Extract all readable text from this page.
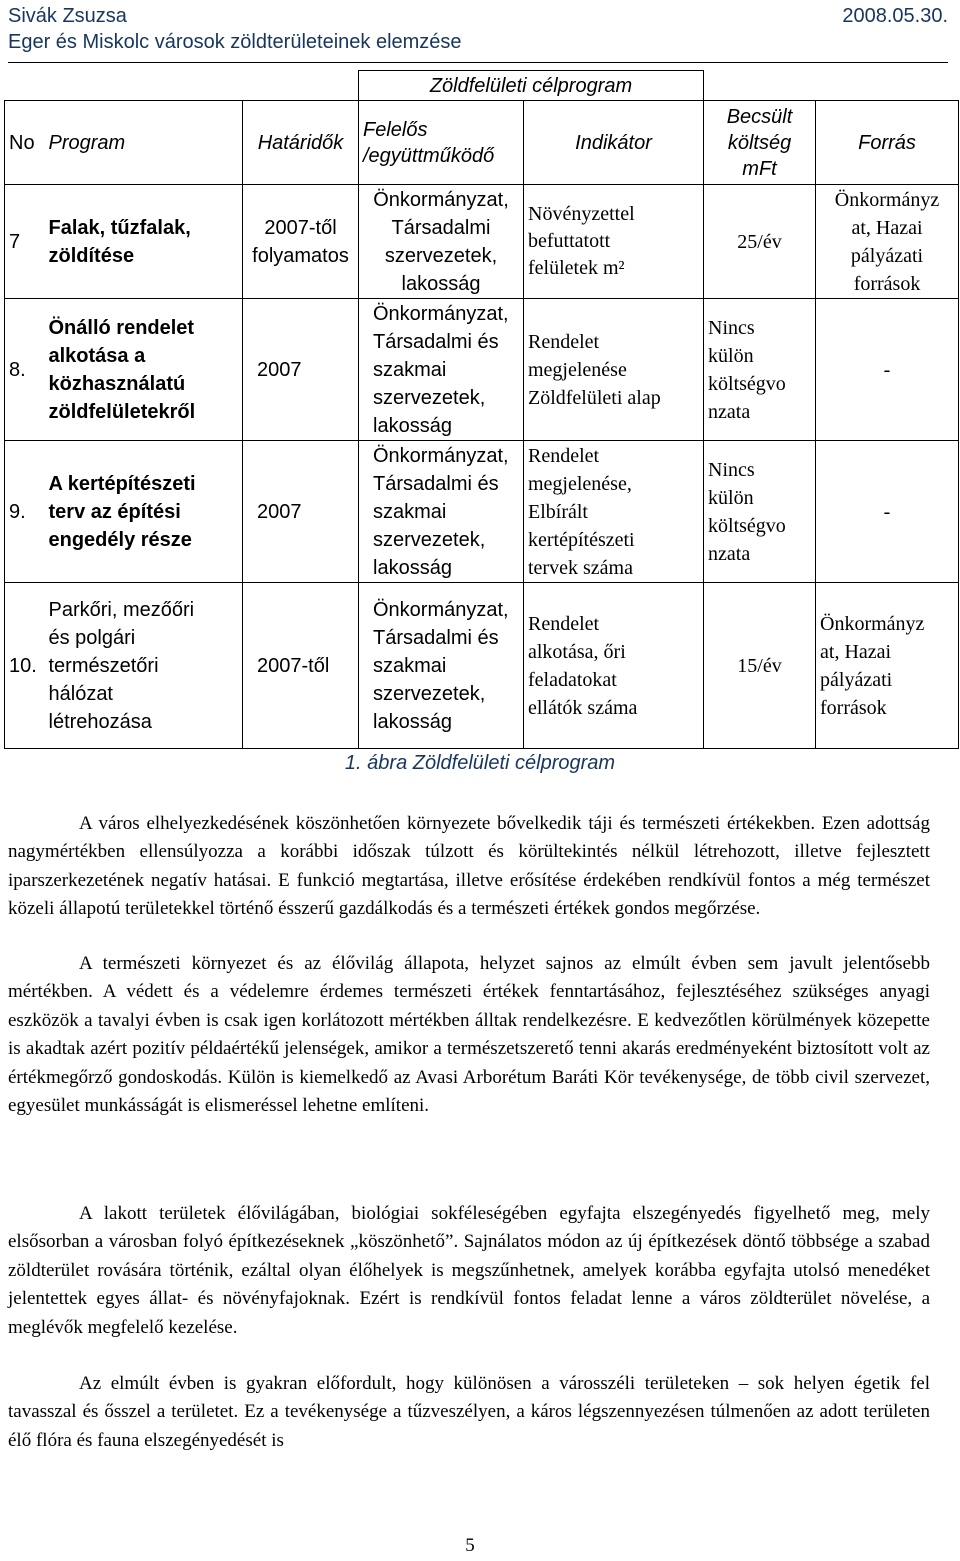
Sivák Zsuzsa	2008.05.30.
Eger és Miskolc városok zöldterületeinek elemzése
			Zöldfelületi célprogram			
No	Program	Határidők	Felelős
/együttműködő	Indikátor	Becsült
költség
mFt	Forrás
7	Falak, tűzfalak,
zöldítése	2007-től
folyamatos	Önkormányzat,
Társadalmi
szervezetek,
lakosság	Növényzettel
befuttatott
felületek m²	25/év	Önkormányz
at, Hazai
pályázati
források
8.	Önálló rendelet
alkotása a
közhasználatú
zöldfelületekről	2007	Önkormányzat,
Társadalmi és
szakmai
szervezetek,
lakosság	Rendelet
megjelenése
Zöldfelületi alap	Nincs
külön
költségvo
nzata	-
9.	A kertépítészeti
terv az építési
engedély része	2007	Önkormányzat,
Társadalmi és
szakmai
szervezetek,
lakosság	Rendelet
megjelenése,
Elbírált
kertépítészeti
tervek száma	Nincs
külön
költségvo
nzata	-
10.	Parkőri, mezőőri
és polgári
természetőri
hálózat
létrehozása	2007-től	Önkormányzat,
Társadalmi és
szakmai
szervezetek,
lakosság	Rendelet
alkotása, őri
feladatokat
ellátók száma	15/év	Önkormányz
at, Hazai
pályázati
források
1. ábra Zöldfelületi célprogram

A város elhelyezkedésének köszönhetően környezete bővelkedik táji és természeti értékekben. Ezen adottság nagymértékben ellensúlyozza a korábbi időszak túlzott és körültekintés nélkül létrehozott, illetve fejlesztett iparszerkezetének negatív hatásai. E funkció megtartása, illetve erősítése érdekében rendkívül fontos a még természet közeli állapotú területekkel történő ésszerű gazdálkodás és a természeti értékek gondos megőrzése.

A természeti környezet és az élővilág állapota, helyzet sajnos az elmúlt évben sem javult jelentősebb mértékben. A védett és a védelemre érdemes természeti értékek fenntartásához, fejlesztéséhez szükséges anyagi eszközök a tavalyi évben is csak igen korlátozott mértékben álltak rendelkezésre. E kedvezőtlen körülmények közepette is akadtak azért pozitív példaértékű jelenségek, amikor a természetszerető tenni akarás eredményeként biztosított volt az értékmegőrző gondoskodás. Külön is kiemelkedő az Avasi Arborétum Baráti Kör tevékenysége, de több civil szervezet, egyesület munkásságát is elismeréssel lehetne említeni.

A lakott területek élővilágában, biológiai sokféleségében egyfajta elszegényedés figyelhető meg, mely elsősorban a városban folyó építkezéseknek „köszönhető”. Sajnálatos módon az új építkezések döntő többsége a szabad zöldterület rovására történik, ezáltal olyan élőhelyek is megszűnhetnek, amelyek korábba egyfajta utolsó menedéket jelentettek egyes állat- és növényfajoknak. Ezért is rendkívül fontos feladat lenne a város zöldterület növelése, a meglévők megfelelő kezelése.

Az elmúlt évben is gyakran előfordult, hogy különösen a városszéli területeken – sok helyen égetik fel tavasszal és ősszel a területet. Ez a tevékenysége a tűzveszélyen, a káros légszennyezésen túlmenően az adott területen élő flóra és fauna elszegényedését is

5
